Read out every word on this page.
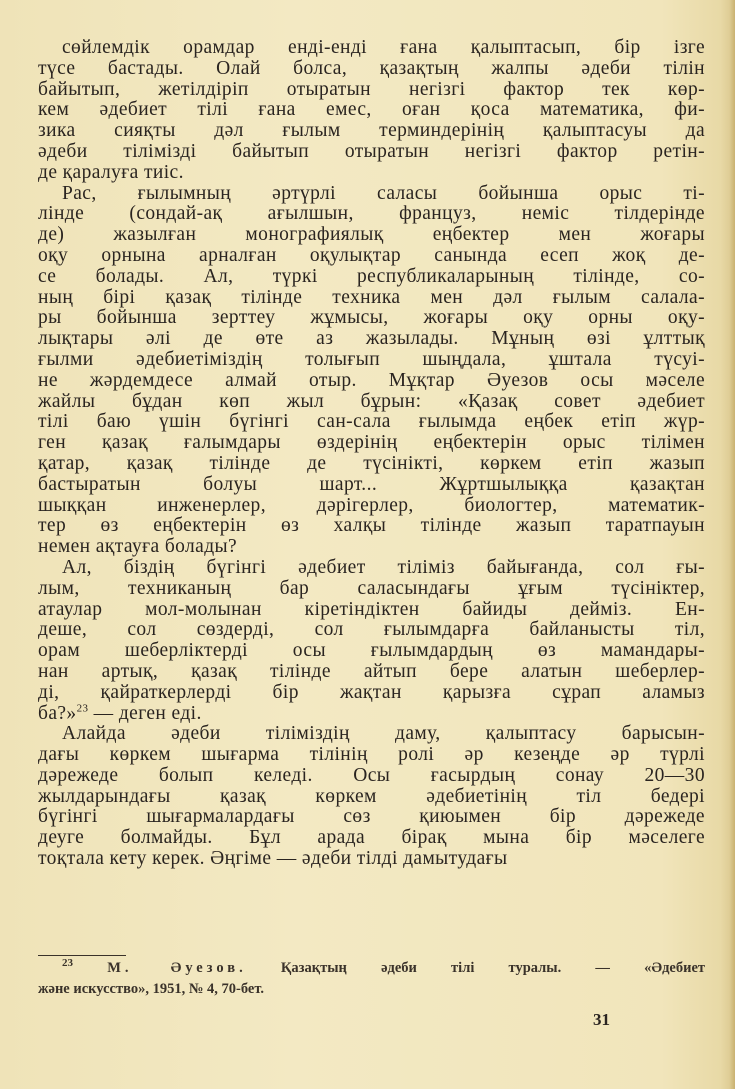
сөйлемдік орамдар енді-енді ғана қалыптасып, бір ізге
түсе бастады. Олай болса, қазақтың жалпы әдеби тілін
байытып, жетілдіріп отыратын негізгі фактор тек көр-
кем әдебиет тілі ғана емес, оған қоса математика, фи-
зика сияқты дәл ғылым терминдерінің қалыптасуы да
әдеби тілімізді байытып отыратын негізгі фактор ретін-
де қаралуға тиіс.
Рас, ғылымның әртүрлі саласы бойынша орыс ті-
лінде (сондай-ақ ағылшын, француз, неміс тілдерінде
де) жазылған монографиялық еңбектер мен жоғары
оқу орнына арналған оқулықтар санында есеп жоқ де-
се болады. Ал, түркі республикаларының тілінде, со-
ның бірі қазақ тілінде техника мен дәл ғылым салала-
ры бойынша зерттеу жұмысы, жоғары оқу орны оқу-
лықтары әлі де өте аз жазылады. Мұның өзі ұлттық
ғылми әдебиетіміздің толығып шыңдала, ұштала түсуі-
не жәрдемдесе алмай отыр. Мұқтар Әуезов осы мәселе
жайлы бұдан көп жыл бұрын: «Қазақ совет әдебиет
тілі баю үшін бүгінгі сан-сала ғылымда еңбек етіп жүр-
ген қазақ ғалымдары өздерінің еңбектерін орыс тілімен
қатар, қазақ тілінде де түсінікті, көркем етіп жазып
бастыратын болуы шарт... Жұртшылыққа қазақтан
шыққан инженерлер, дәрігерлер, биологтер, математик-
тер өз еңбектерін өз халқы тілінде жазып таратпауын
немен ақтауға болады?
Ал, біздің бүгінгі әдебиет тіліміз байығанда, сол ғы-
лым, техниканың бар саласындағы ұғым түсініктер,
атаулар мол-молынан кіретіндіктен байиды дейміз. Ен-
деше, сол сөздерді, сол ғылымдарға байланысты тіл,
орам шеберліктерді осы ғылымдардың өз мамандары-
нан артық, қазақ тілінде айтып бере алатын шеберлер-
ді, қайраткерлерді бір жақтан қарызға сұрап аламыз
ба?»$^{23}$ — деген еді.
Алайда әдеби тіліміздің даму, қалыптасу барысын-
дағы көркем шығарма тілінің ролі әр кезеңде әр түрлі
дәрежеде болып келеді. Осы ғасырдың сонау 20—30
жылдарындағы қазақ көркем әдебиетінің тіл бедері
бүгінгі шығармалардағы сөз қиюымен бір дәрежеде
деуге болмайды. Бұл арада бірақ мына бір мәселеге
тоқтала кету керек. Әңгіме — әдеби тілді дамытудағы
$^{23}$ М. Әуезов. Қазақтың әдеби тілі туралы. — «Әдебиет
және искусство», 1951, № 4, 70-бет.
31
